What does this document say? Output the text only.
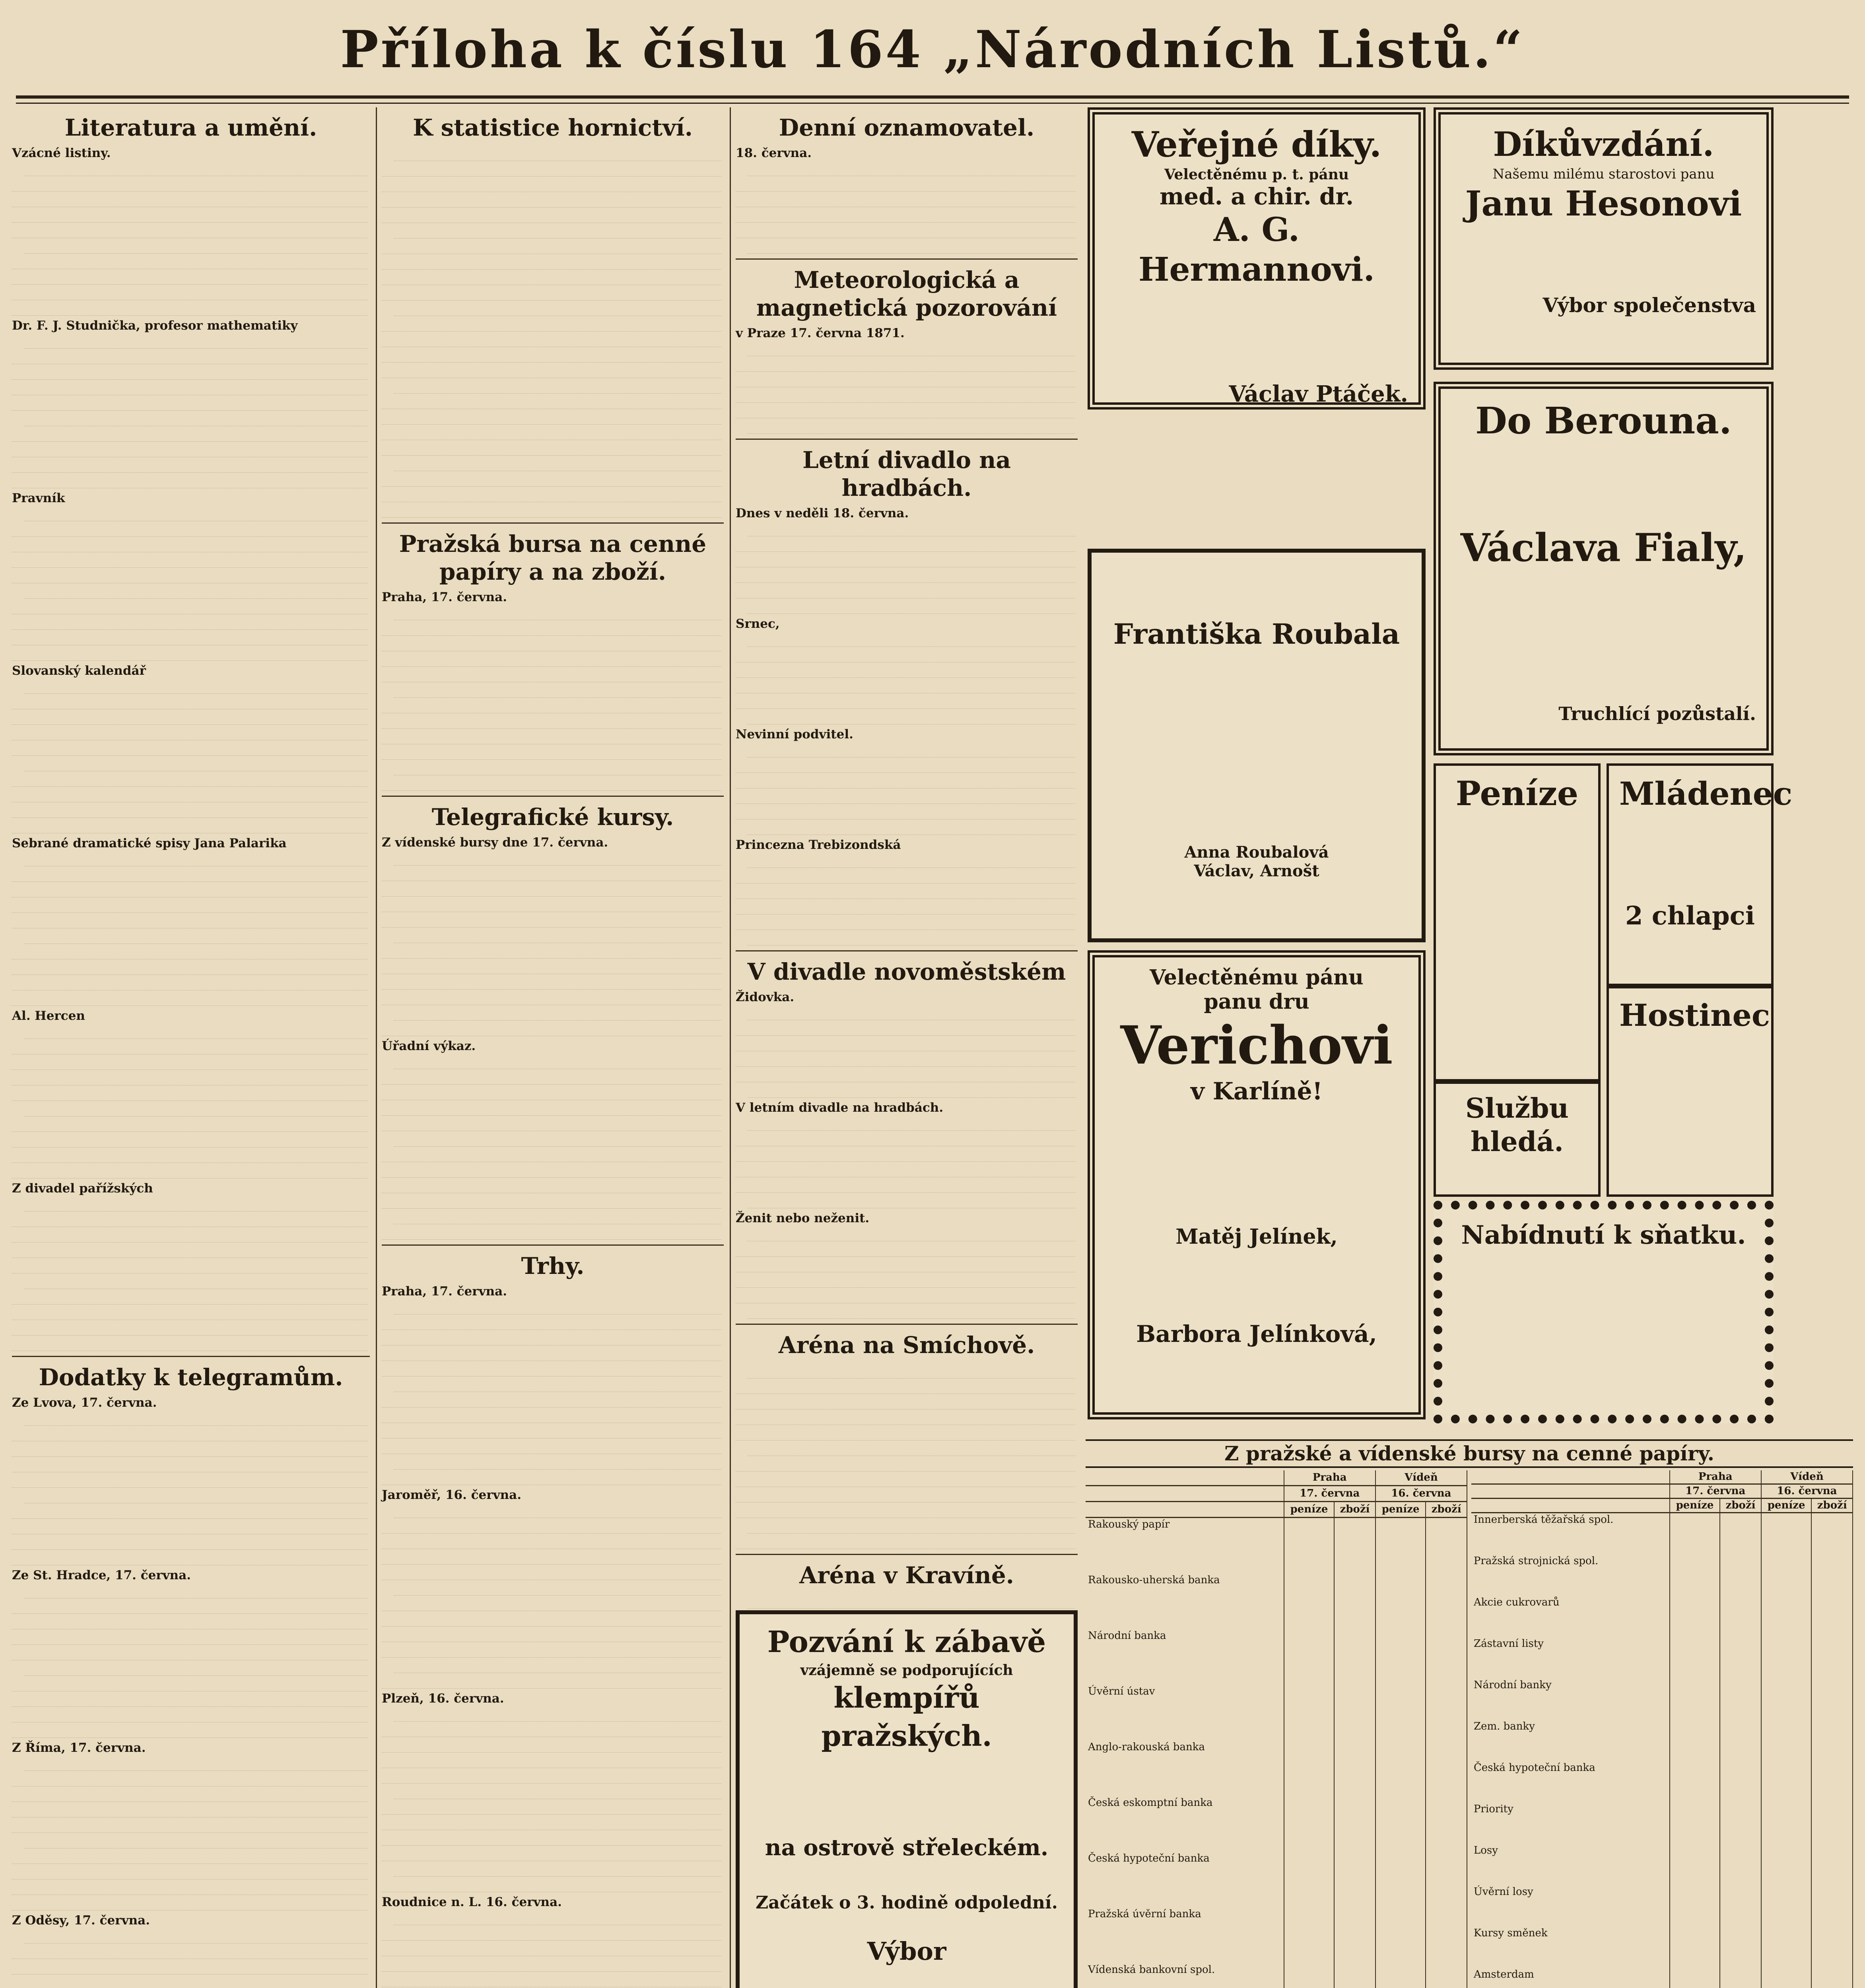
Příloha k číslu 164 „Národních Listů.“
Literatura a umění.
Vzácné listiny.
Dr. F. J. Studnička, profesor mathematiky
Pravník
Slovanský kalendář
Sebrané dramatické spisy Jana Palarika
Al. Hercen
Z divadel pařížských
Dodatky k telegramům.
Ze Lvova, 17. června.
Ze St. Hradce, 17. června.
Z Říma, 17. června.
Z Oděsy, 17. června.
K statistice hornictví.
Pražská bursa na cenné papíry a na zboží.
Praha, 17. června.
Telegrafické kursy.
Z vídenské bursy dne 17. června.
Úřadní výkaz.
Trhy.
Praha, 17. června.
Jaroměř, 16. června.
Plzeň, 16. června.
Roudnice n. L. 16. června.
Denní oznamovatel.
18. června.
Meteorologická a magnetická pozorování
v Praze 17. června 1871.
Letní divadlo na hradbách.
Dnes v neděli 18. června.
Srnec,
Nevinní podvitel.
Princezna Trebizondská
V divadle novoměstském
Židovka.
V letním divadle na hradbách.
Ženit nebo neženit.
Aréna na Smíchově.
Aréna v Kravíně.
Veřejné díky.
Velectěnému p. t. pánu
med. a chir. dr.
A. G. Hermannovi.
Václav Ptáček.
Díkůvzdání.
Našemu milému starostovi panu
Janu Hesonovi
Výbor společenstva
Do Berouna.
Václava Fialy,
Truchlící pozůstalí.
Františka Roubala
Anna Roubalová
Václav, Arnošt
Peníze Mládenec
2 chlapci
Službu hledá.
Hostinec
Velectěnému pánu
panu dru
Verichovi
v Karlíně!
Matěj Jelínek,
Barbora Jelínková,
Nabídnutí k sňatku.
Z pražské a vídenské bursy na cenné papíry.
	Praha		Vídeň	
	17. června		16. června	
	peníze	zboží	peníze	zboží
Rakouský papír				
Rakousko-uherská banka				
Národní banka				
Úvěrní ústav				
Anglo-rakouská banka				
Česká eskomptní banka				
Česká hypoteční banka				
Pražská úvěrní banka				
Vídenská bankovní spol.				

	Praha		Vídeň	
	17. června		16. června	
	peníze	zboží	peníze	zboží
Innerberská těžařská spol.				
Pražská strojnická spol.				
Akcie cukrovarů				
Zástavní listy				
Národní banky				
Zem. banky				
Česká hypoteční banka				
Priority				
Losy				
Úvěrní losy				
Kursy směnek				
Amsterdam				

Pozvání k zábavě
vzájemně se podporujících
klempířů pražských.
na ostrově střeleckém.
Začátek o 3. hodině odpolední.
Výbor
